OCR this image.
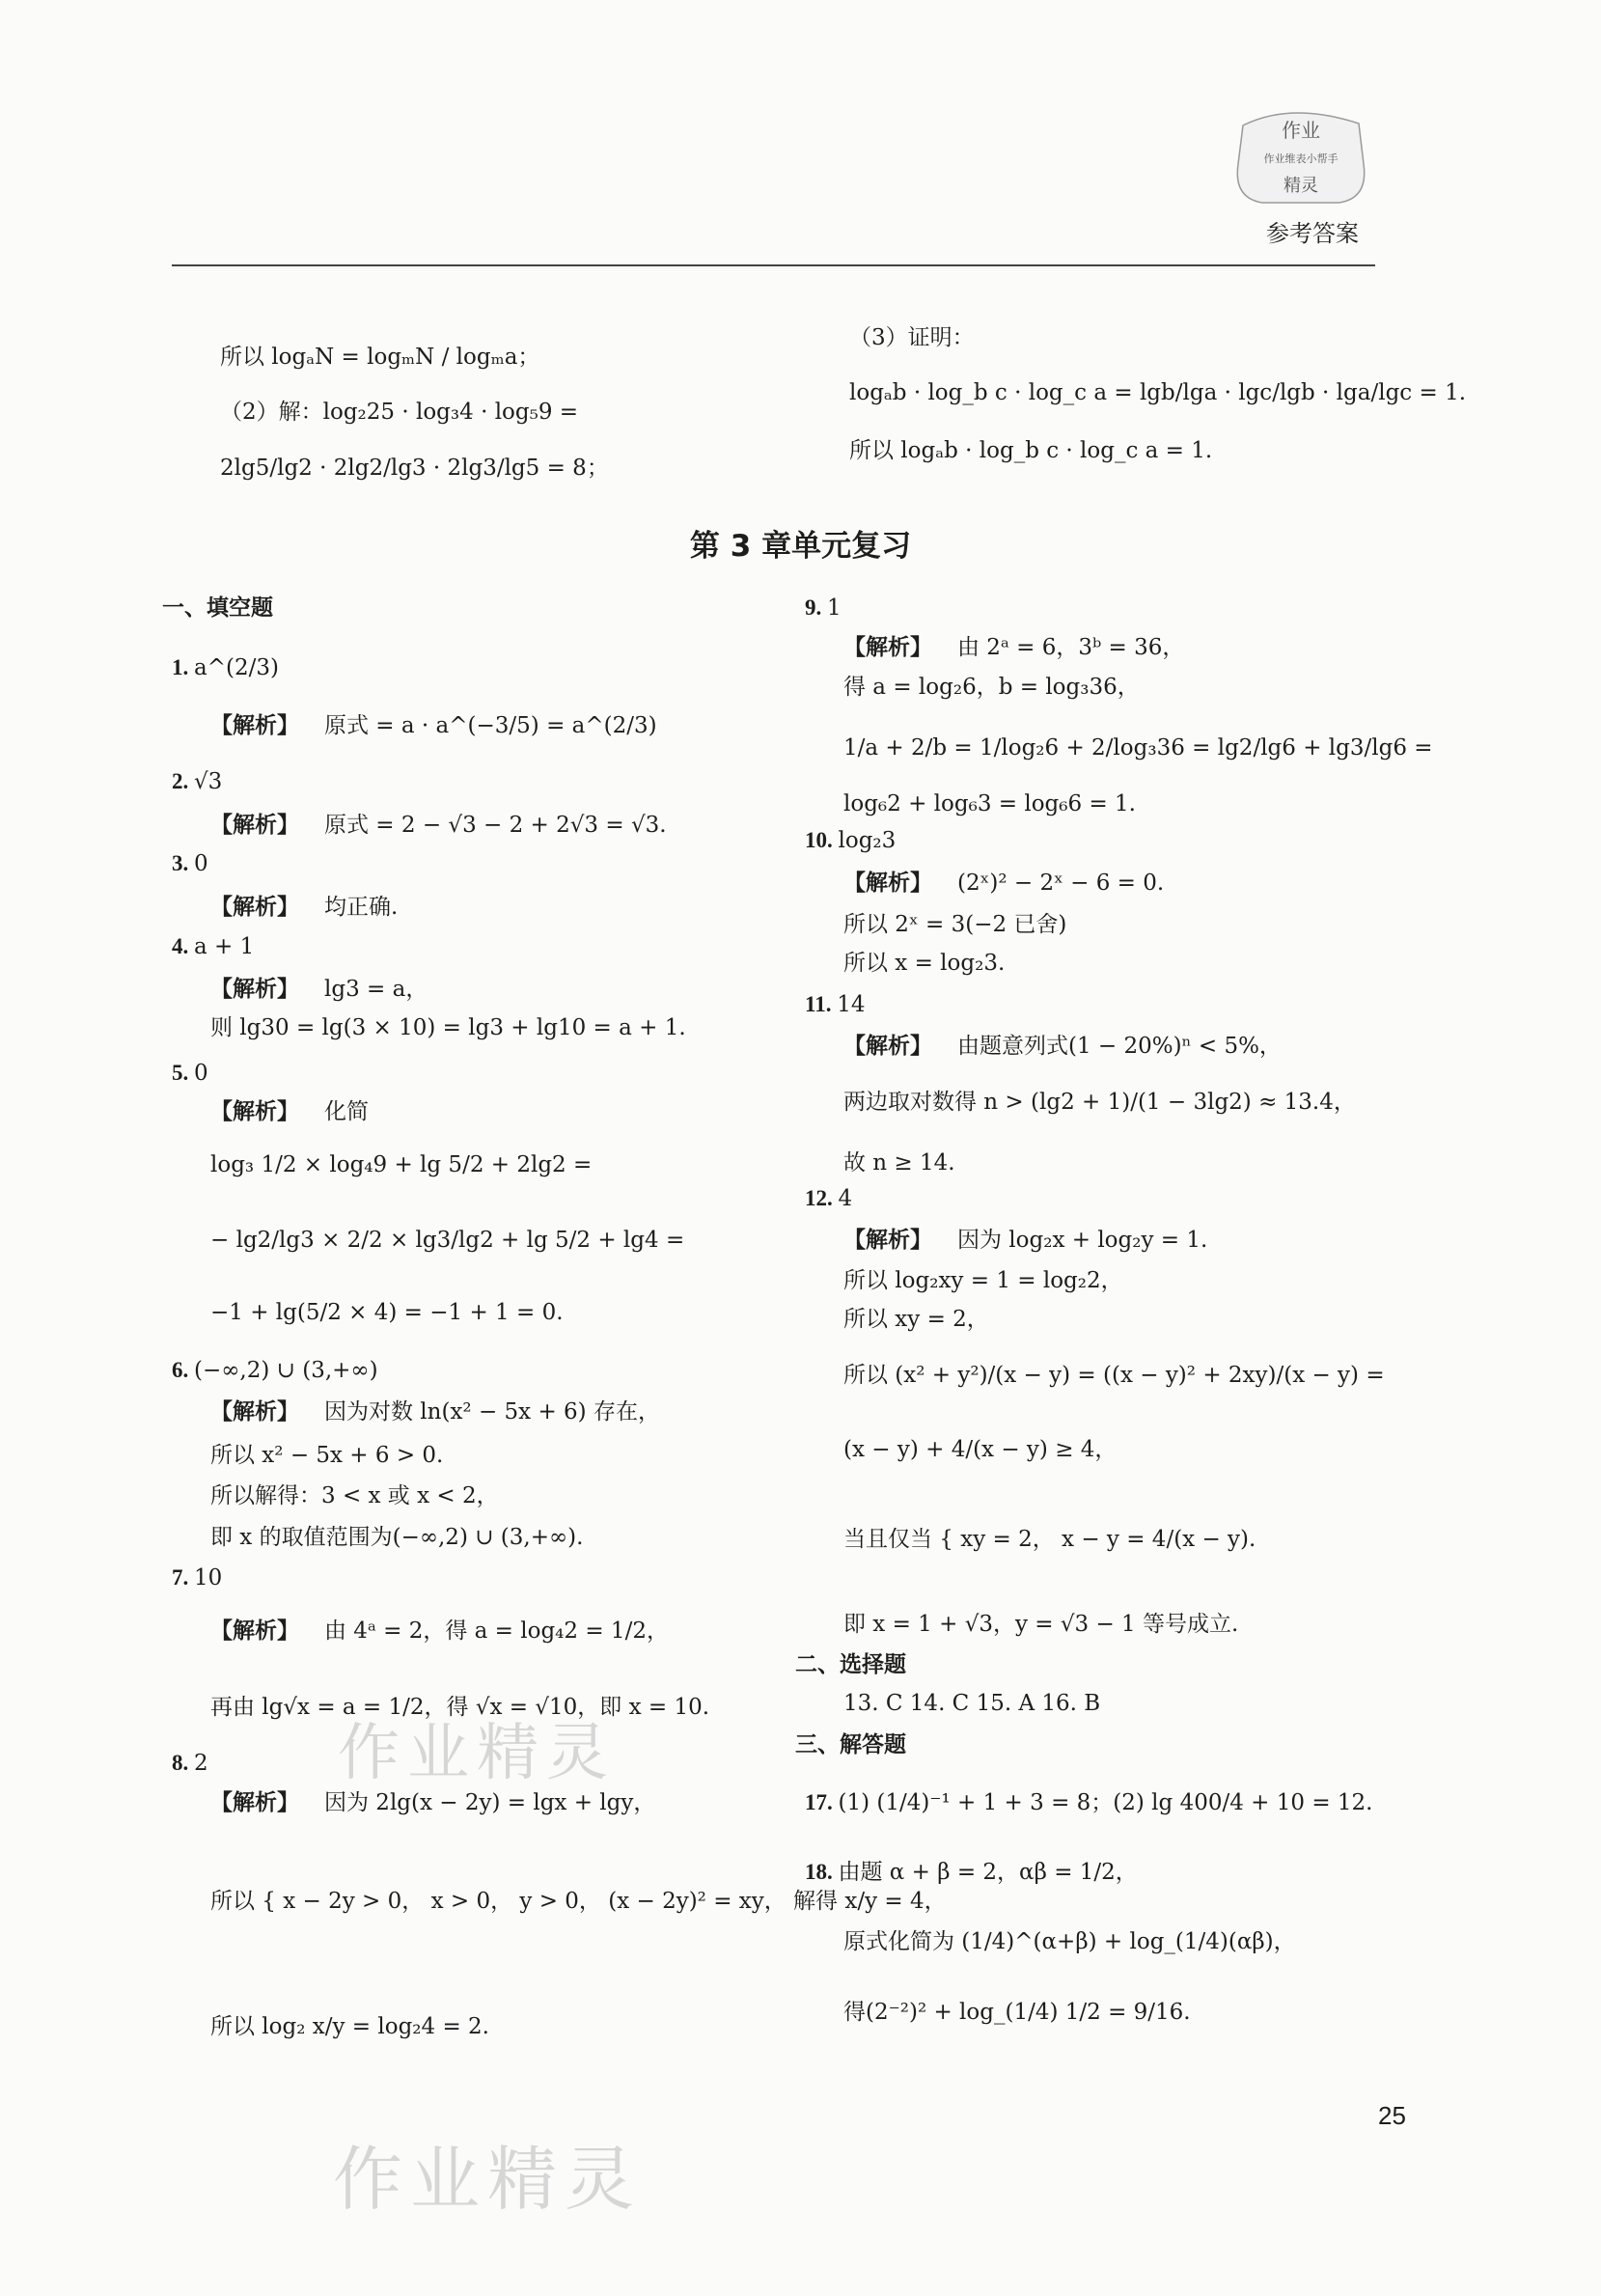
作业
作业维表小帮手
精灵
参考答案
所以 logₐN = logₘN / logₘa；
（2）解：log₂25 · log₃4 · log₅9 =
2lg5/lg2 · 2lg2/lg3 · 2lg3/lg5 = 8；
（3）证明：
logₐb · log_b c · log_c a = lgb/lga · lgc/lgb · lga/lgc = 1.
所以 logₐb · log_b c · log_c a = 1.
第 3 章单元复习
一、填空题
1. a^(2/3)
【解析】 原式 = a · a^(−3/5) = a^(2/3)
2. √3
【解析】 原式 = 2 − √3 − 2 + 2√3 = √3.
3. 0
【解析】 均正确.
4. a + 1
【解析】 lg3 = a，
则 lg30 = lg(3 × 10) = lg3 + lg10 = a + 1.
5. 0
【解析】 化简
log₃ 1/2 × log₄9 + lg 5/2 + 2lg2 =
− lg2/lg3 × 2/2 × lg3/lg2 + lg 5/2 + lg4 =
−1 + lg(5/2 × 4) = −1 + 1 = 0.
6. (−∞,2) ∪ (3,+∞)
【解析】 因为对数 ln(x² − 5x + 6) 存在，
所以 x² − 5x + 6 > 0.
所以解得：3 < x 或 x < 2，
即 x 的取值范围为(−∞,2) ∪ (3,+∞).
7. 10
【解析】 由 4ᵃ = 2，得 a = log₄2 = 1/2，
再由 lg√x = a = 1/2，得 √x = √10，即 x = 10.
8. 2
【解析】 因为 2lg(x − 2y) = lgx + lgy，
所以 { x − 2y > 0， x > 0， y > 0， (x − 2y)² = xy， 解得 x/y = 4，
所以 log₂ x/y = log₂4 = 2.
9. 1
【解析】 由 2ᵃ = 6，3ᵇ = 36，
得 a = log₂6，b = log₃36，
1/a + 2/b = 1/log₂6 + 2/log₃36 = lg2/lg6 + lg3/lg6 =
log₆2 + log₆3 = log₆6 = 1.
10. log₂3
【解析】 (2ˣ)² − 2ˣ − 6 = 0.
所以 2ˣ = 3(−2 已舍)
所以 x = log₂3.
11. 14
【解析】 由题意列式(1 − 20%)ⁿ < 5%，
两边取对数得 n > (lg2 + 1)/(1 − 3lg2) ≈ 13.4，
故 n ≥ 14.
12. 4
【解析】 因为 log₂x + log₂y = 1.
所以 log₂xy = 1 = log₂2，
所以 xy = 2，
所以 (x² + y²)/(x − y) = ((x − y)² + 2xy)/(x − y) =
(x − y) + 4/(x − y) ≥ 4，
当且仅当 { xy = 2， x − y = 4/(x − y).
即 x = 1 + √3，y = √3 − 1 等号成立.
二、选择题
13. C 14. C 15. A 16. B
三、解答题
17. (1) (1/4)⁻¹ + 1 + 3 = 8；(2) lg 400/4 + 10 = 12.
18. 由题 α + β = 2，αβ = 1/2，
原式化简为 (1/4)^(α+β) + log_(1/4)(αβ)，
得(2⁻²)² + log_(1/4) 1/2 = 9/16.
作业精灵
作业精灵
25
